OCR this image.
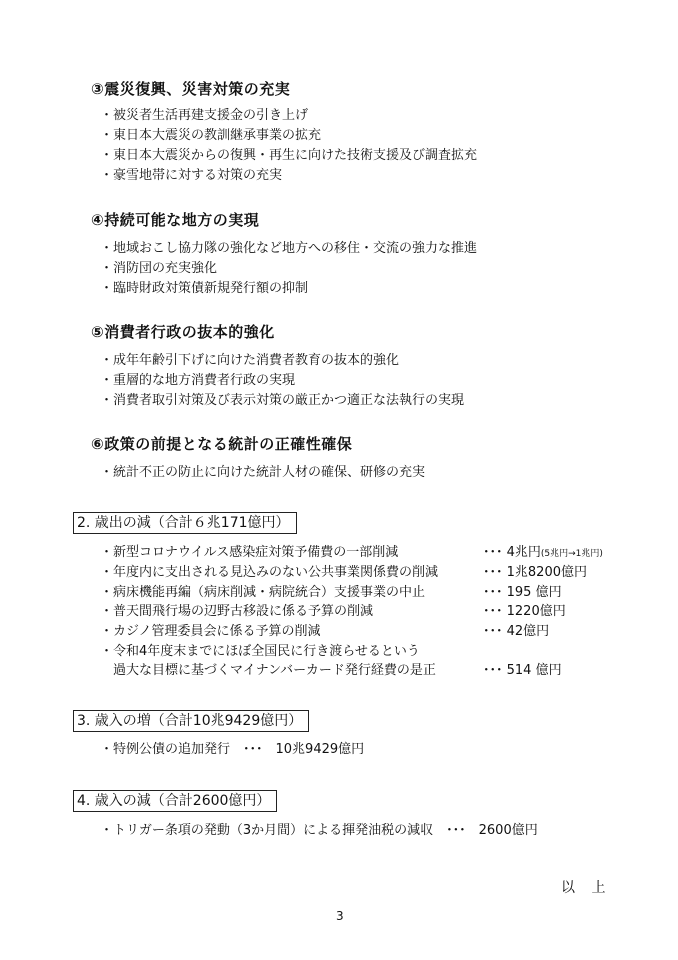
③震災復興、災害対策の充実
・被災者生活再建支援金の引き上げ
・東日本大震災の教訓継承事業の拡充
・東日本大震災からの復興・再生に向けた技術支援及び調査拡充
・豪雪地帯に対する対策の充実
④持続可能な地方の実現
・地域おこし協力隊の強化など地方への移住・交流の強力な推進
・消防団の充実強化
・臨時財政対策債新規発行額の抑制
⑤消費者行政の抜本的強化
・成年年齢引下げに向けた消費者教育の抜本的強化
・重層的な地方消費者行政の実現
・消費者取引対策及び表示対策の厳正かつ適正な法執行の実現
⑥政策の前提となる統計の正確性確保
・統計不正の防止に向けた統計人材の確保、研修の充実
2. 歳出の減（合計６兆171億円）
・新型コロナウイルス感染症対策予備費の一部削減	･･･ 4兆円(5兆円→1兆円)
・年度内に支出される見込みのない公共事業関係費の削減	･･･ 1兆8200億円
・病床機能再編（病床削減・病院統合）支援事業の中止	･･･ 195 億円
・普天間飛行場の辺野古移設に係る予算の削減	･･･ 1220億円
・カジノ管理委員会に係る予算の削減	･･･ 42億円
・令和4年度末までにほぼ全国民に行き渡らせるという
　過大な目標に基づくマイナンバーカード発行経費の是正	･･･ 514 億円
3. 歳入の増（合計10兆9429億円）
・特例公債の追加発行　･･･　10兆9429億円
4. 歳入の減（合計2600億円）
・トリガー条項の発動（3か月間）による揮発油税の減収　･･･　2600億円
以 上
3
